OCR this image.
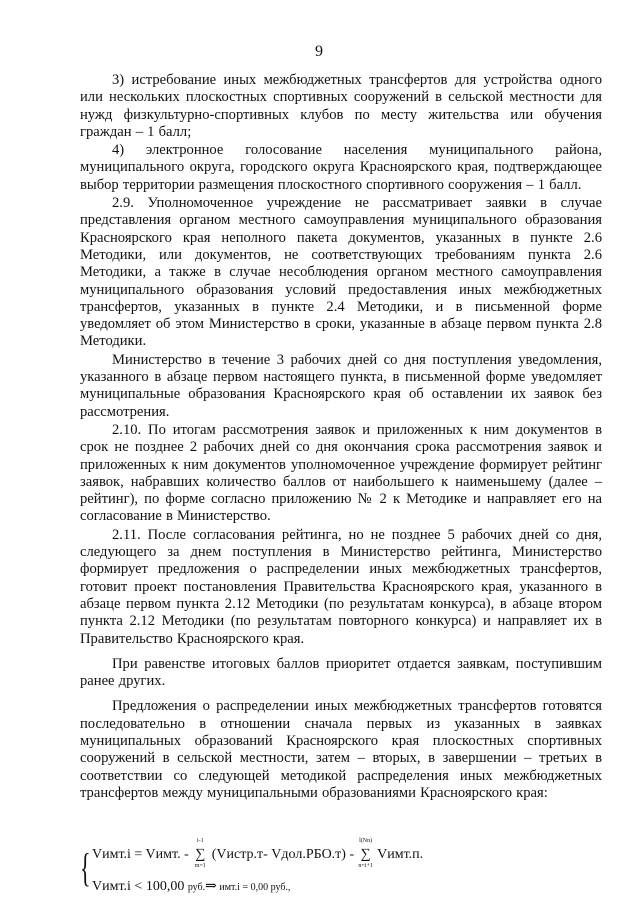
9

3) истребование иных межбюджетных трансфертов для устройства одного или нескольких плоскостных спортивных сооружений в сельской местности для нужд физкультурно-спортивных клубов по месту жительства или обучения граждан – 1 балл;

4) электронное голосование населения муниципального района, муниципального округа, городского округа Красноярского края, подтверждающее выбор территории размещения плоскостного спортивного сооружения – 1 балл.

2.9. Уполномоченное учреждение не рассматривает заявки в случае представления органом местного самоуправления муниципального образования Красноярского края неполного пакета документов, указанных в пункте 2.6 Методики, или документов, не соответствующих требованиям пункта 2.6 Методики, а также в случае несоблюдения органом местного самоуправления муниципального образования условий предоставления иных межбюджетных трансфертов, указанных в пункте 2.4 Методики, и в письменной форме уведомляет об этом Министерство в сроки, указанные в абзаце первом пункта 2.8 Методики.

Министерство в течение 3 рабочих дней со дня поступления уведомления, указанного в абзаце первом настоящего пункта, в письменной форме уведомляет муниципальные образования Красноярского края об оставлении их заявок без рассмотрения.

2.10. По итогам рассмотрения заявок и приложенных к ним документов в срок не позднее 2 рабочих дней со дня окончания срока рассмотрения заявок и приложенных к ним документов уполномоченное учреждение формирует рейтинг заявок, набравших количество баллов от наибольшего к наименьшему (далее – рейтинг), по форме согласно приложению № 2 к Методике и направляет его на согласование в Министерство.

2.11. После согласования рейтинга, но не позднее 5 рабочих дней со дня, следующего за днем поступления в Министерство рейтинга, Министерство формирует предложения о распределении иных межбюджетных трансфертов, готовит проект постановления Правительства Красноярского края, указанного в абзаце первом пункта 2.12 Методики (по результатам конкурса), в абзаце втором пункта 2.12 Методики (по результатам повторного конкурса) и направляет их в Правительство Красноярского края.

При равенстве итоговых баллов приоритет отдается заявкам, поступившим ранее других.

Предложения о распределении иных межбюджетных трансфертов готовятся последовательно в отношении сначала первых из указанных в заявках муниципальных образований Красноярского края плоскостных спортивных сооружений в сельской местности, затем – вторых, в завершении – третьих в соответствии со следующей методикой распределения иных межбюджетных трансфертов между муниципальными образованиями Красноярского края:

{ Vимт.i = Vимт. - ∑
i-1
m=1
(Vистр.т- Vдол.РБО.т) - ∑
l(Nn)
n=i+1
Vимт.п.
Vимт.i < 100,00 руб.⇒ имт.i = 0,00 руб.,
